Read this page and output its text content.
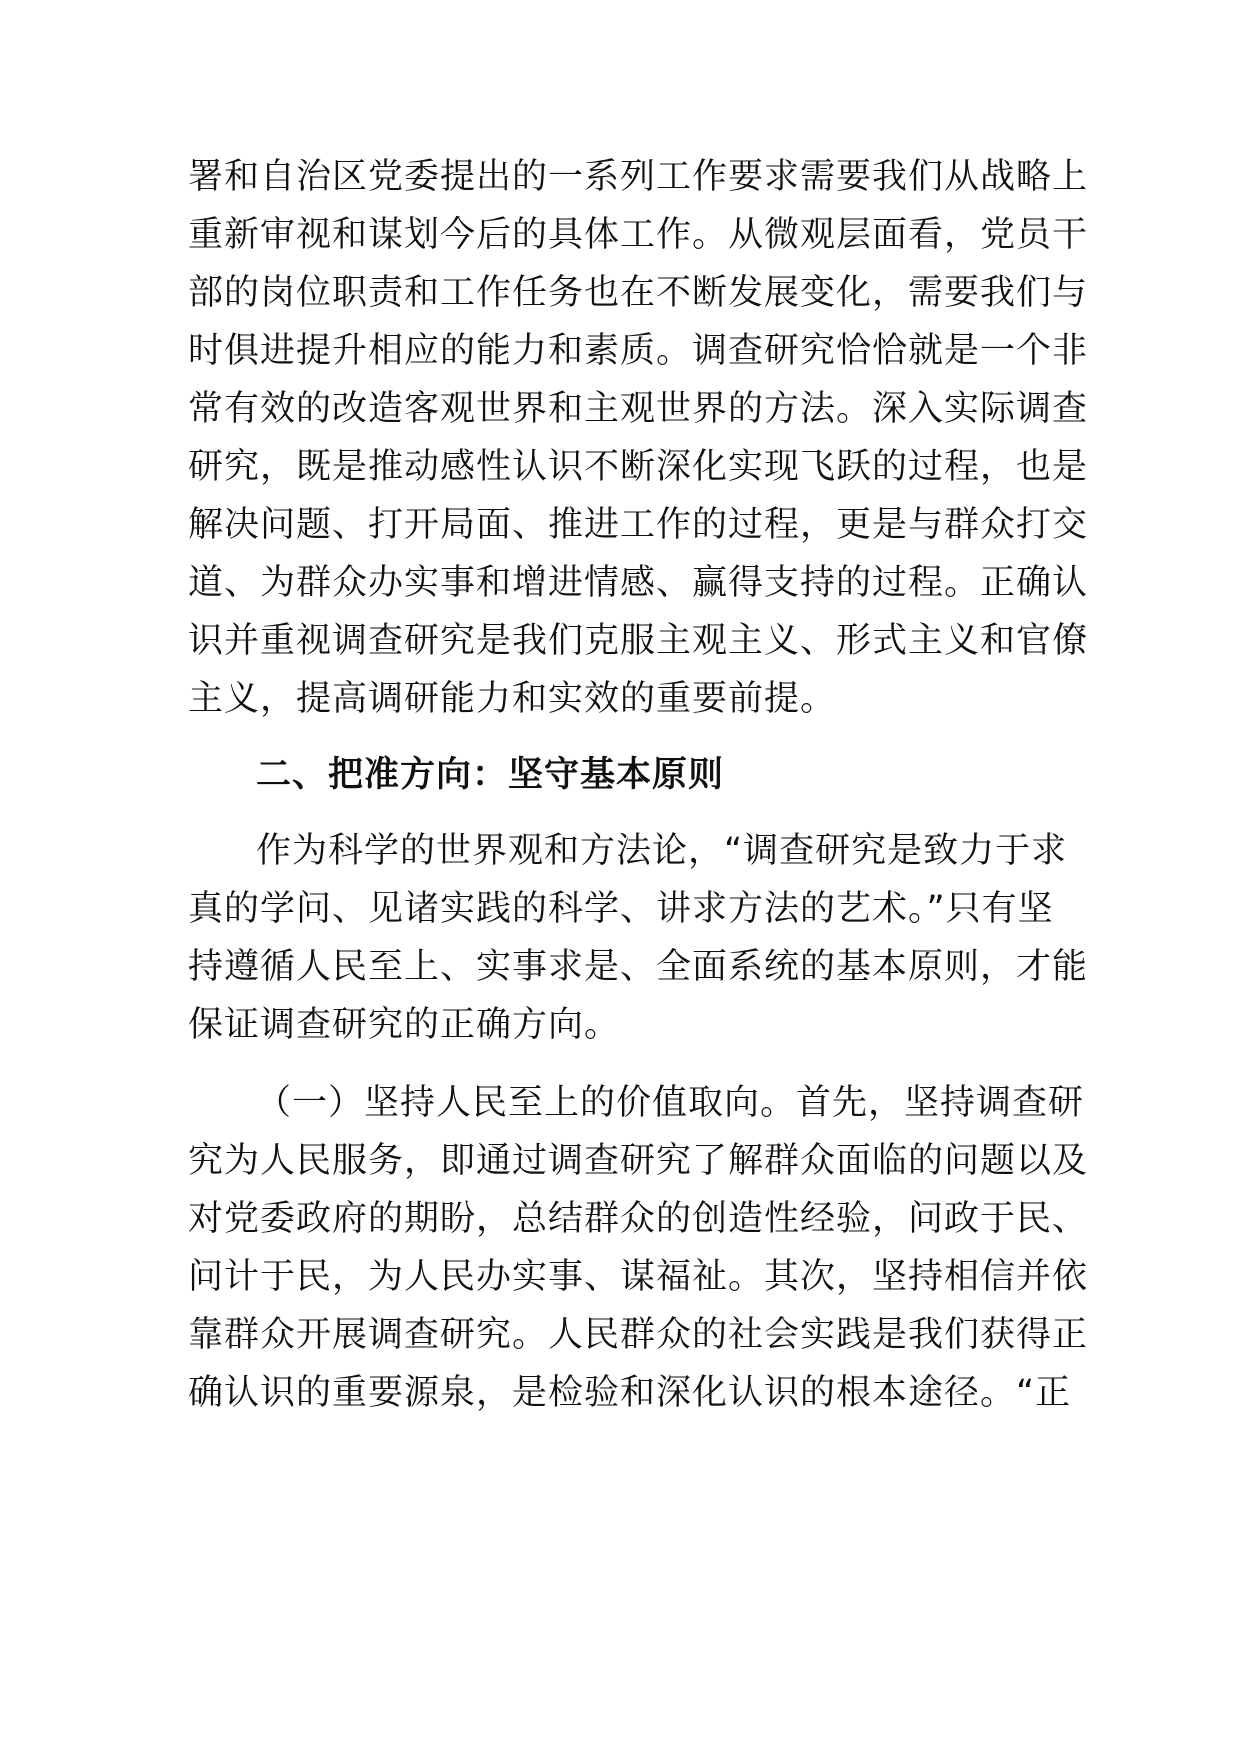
署和自治区党委提出的一系列工作要求需要我们从战略上
重新审视和谋划今后的具体工作。从微观层面看，党员干
部的岗位职责和工作任务也在不断发展变化，需要我们与
时俱进提升相应的能力和素质。调查研究恰恰就是一个非
常有效的改造客观世界和主观世界的方法。深入实际调查
研究，既是推动感性认识不断深化实现飞跃的过程，也是
解决问题、打开局面、推进工作的过程，更是与群众打交
道、为群众办实事和增进情感、赢得支持的过程。正确认
识并重视调查研究是我们克服主观主义、形式主义和官僚
主义，提高调研能力和实效的重要前提。
二、把准方向：坚守基本原则
作为科学的世界观和方法论，“调查研究是致力于求
真的学问、见诸实践的科学、讲求方法的艺术。”只有坚
持遵循人民至上、实事求是、全面系统的基本原则，才能
保证调查研究的正确方向。
（一）坚持人民至上的价值取向。首先，坚持调查研
究为人民服务，即通过调查研究了解群众面临的问题以及
对党委政府的期盼，总结群众的创造性经验，问政于民、
问计于民，为人民办实事、谋福祉。其次，坚持相信并依
靠群众开展调查研究。人民群众的社会实践是我们获得正
确认识的重要源泉，是检验和深化认识的根本途径。“正
